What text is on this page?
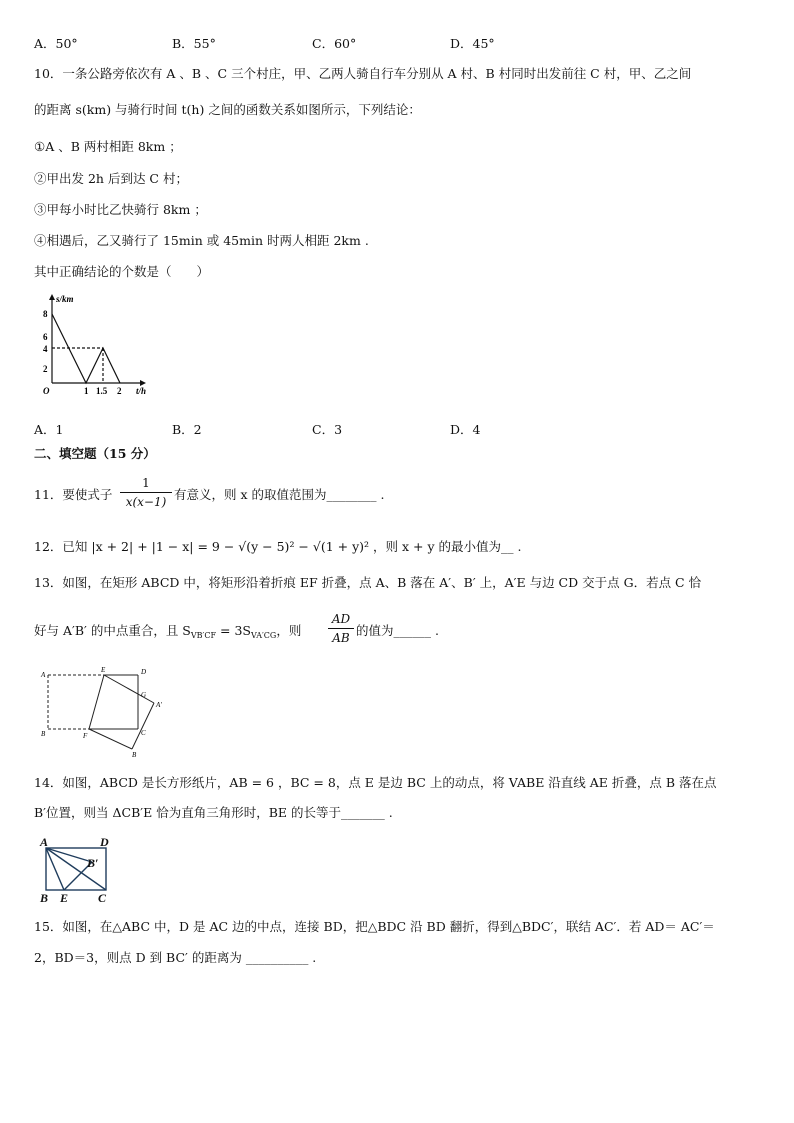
A．50°	B．55°	C．60°	D．45°
10．一条公路旁依次有 A 、B 、C 三个村庄，甲、乙两人骑自行车分别从 A 村、B 村同时出发前往 C 村，甲、乙之间
的距离 s(km) 与骑行时间 t(h) 之间的函数关系如图所示，下列结论：
①A 、B 两村相距 8km ；
②甲出发 2h 后到达 C 村；
③甲每小时比乙快骑行 8km ；
④相遇后，乙又骑行了 15min 或 45min 时两人相距 2km .
其中正确结论的个数是（　　）
s/km
t/h
O
8
6
4
2
1 1.5 2
A．1	B．2	C．3	D．4
二、填空题（15 分）
11．要使式子 $\frac{1}{x(x-1)}$ 有意义，则 x 的取值范围为________ .
12．已知 |x + 2| + |1 − x| = 9 − √(y − 5)² − √(1 + y)² ，则 x + y 的最小值为__ .
13．如图，在矩形 ABCD 中，将矩形沿着折痕 EF 折叠，点 A、B 落在 A′、B′ 上，A′E 与边 CD 交于点 G．若点 C 恰
好与 A′B′ 的中点重合，且 $S_{VB'CF} = 3S_{VA'CG}$，则 $\frac{AD}{AB}$ 的值为______ .
A
E	D
G
A′
B	F	C
B
14．如图，ABCD 是长方形纸片，AB = 6 ，BC = 8，点 E 是边 BC 上的动点，将 VABE 沿直线 AE 折叠，点 B 落在点
B′位置，则当 ΔCB′E 恰为直角三角形时，BE 的长等于_______ .
A	D
B′
B E C
15．如图，在△ABC 中，D 是 AC 边的中点，连接 BD，把△BDC 沿 BD 翻折，得到△BDC′，联结 AC′．若 AD＝ AC′＝
2，BD＝3，则点 D 到 BC′ 的距离为 __________ .
